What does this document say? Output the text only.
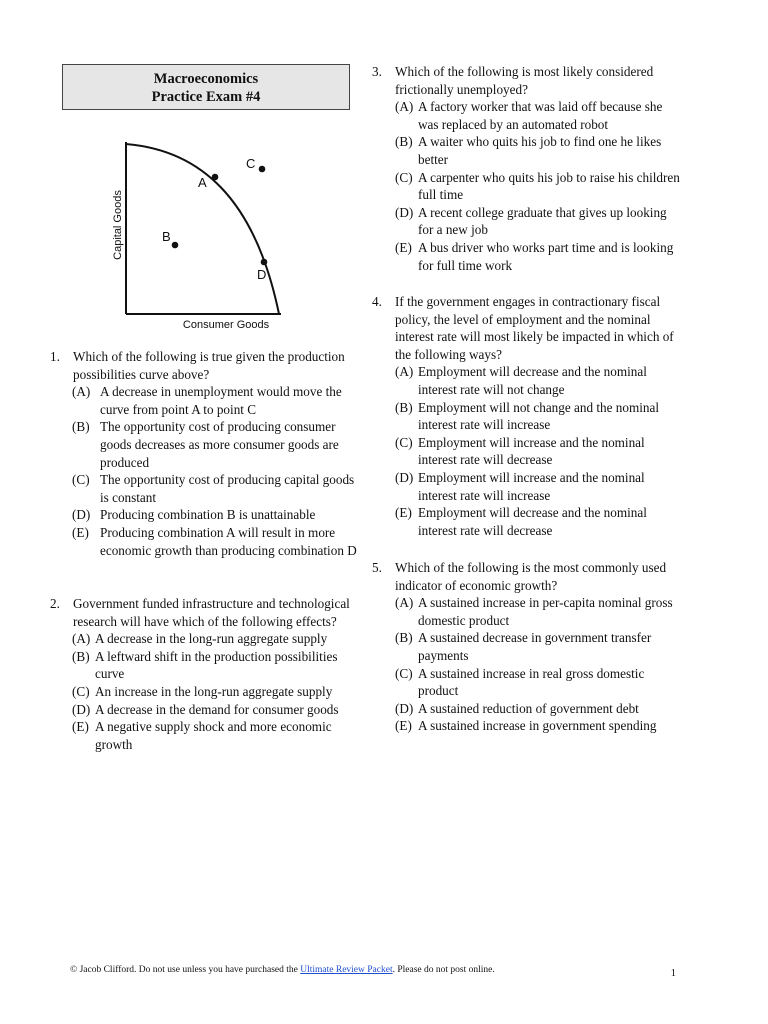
Macroeconomics
Practice Exam #4
A
B
C
D
Capital Goods
Consumer Goods

1. Which of the following is true given the production possibilities curve above?

(A) A decrease in unemployment would move the curve from point A to point C

(B) The opportunity cost of producing consumer goods decreases as more consumer goods are produced

(C) The opportunity cost of producing capital goods is constant

(D) Producing combination B is unattainable

(E) Producing combination A will result in more economic growth than producing combination D

2. Government funded infrastructure and technological research will have which of the following effects?

(A) A decrease in the long-run aggregate supply

(B) A leftward shift in the production possibilities curve

(C) An increase in the long-run aggregate supply

(D) A decrease in the demand for consumer goods

(E) A negative supply shock and more economic growth

3. Which of the following is most likely considered frictionally unemployed?

(A) A factory worker that was laid off because she was replaced by an automated robot

(B) A waiter who quits his job to find one he likes better

(C) A carpenter who quits his job to raise his children full time

(D) A recent college graduate that gives up looking for a new job

(E) A bus driver who works part time and is looking for full time work

4. If the government engages in contractionary fiscal policy, the level of employment and the nominal interest rate will most likely be impacted in which of the following ways?

(A) Employment will decrease and the nominal interest rate will not change

(B) Employment will not change and the nominal interest rate will increase

(C) Employment will increase and the nominal interest rate will decrease

(D) Employment will increase and the nominal interest rate will increase

(E) Employment will decrease and the nominal interest rate will decrease

5. Which of the following is the most commonly used indicator of economic growth?

(A) A sustained increase in per-capita nominal gross domestic product

(B) A sustained decrease in government transfer payments

(C) A sustained increase in real gross domestic product

(D) A sustained reduction of government debt

(E) A sustained increase in government spending

© Jacob Clifford. Do not use unless you have purchased the Ultimate Review Packet. Please do not post online.	1
